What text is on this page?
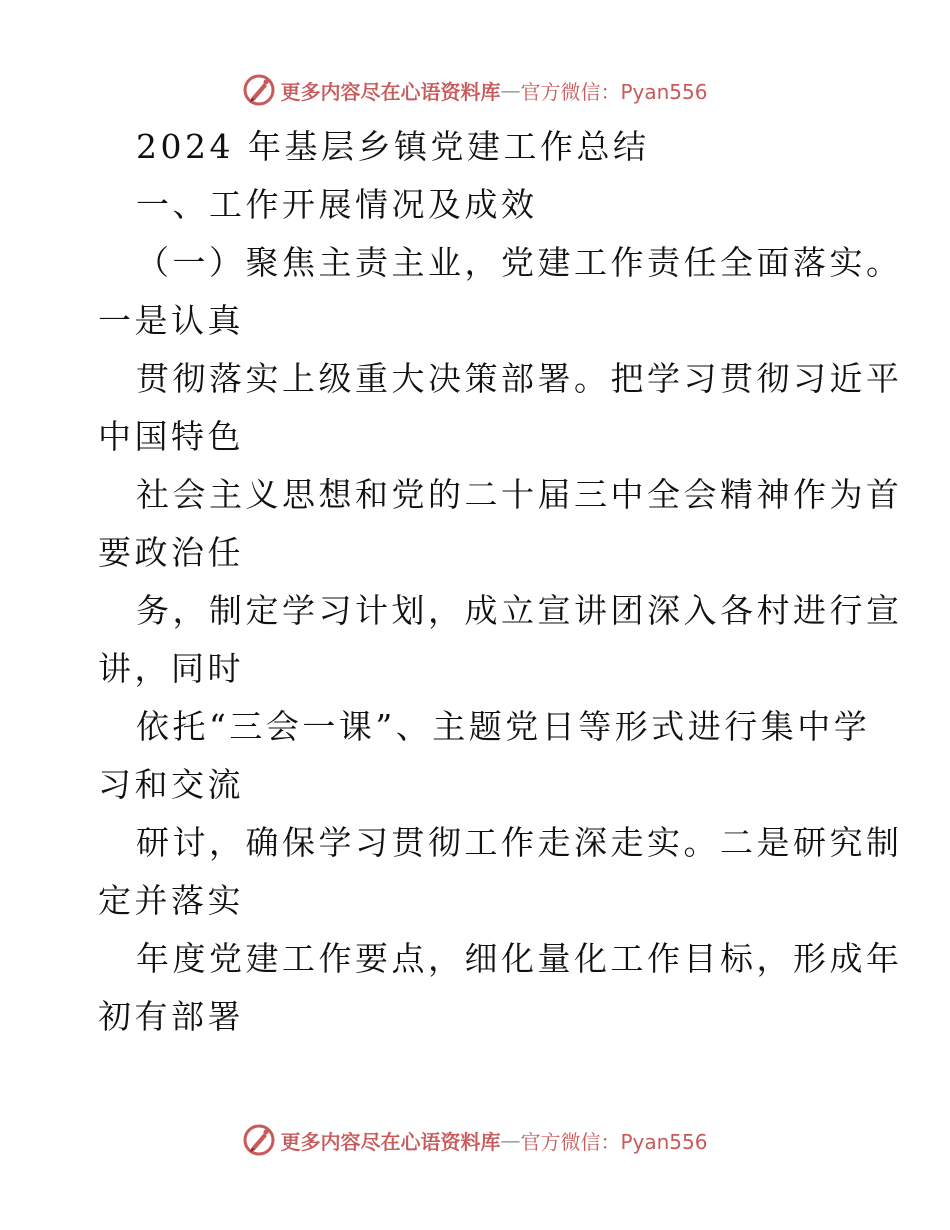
更多内容尽在心语资料库 — 官方微信：Pyan556
2024 年基层乡镇党建工作总结
一、工作开展情况及成效
（一）聚焦主责主业，党建工作责任全面落实。
一是认真
贯彻落实上级重大决策部署。把学习贯彻习近平
中国特色
社会主义思想和党的二十届三中全会精神作为首
要政治任
务，制定学习计划，成立宣讲团深入各村进行宣
讲，同时
依托“三会一课”、主题党日等形式进行集中学
习和交流
研讨，确保学习贯彻工作走深走实。二是研究制
定并落实
年度党建工作要点，细化量化工作目标，形成年
初有部署
更多内容尽在心语资料库 — 官方微信：Pyan556
